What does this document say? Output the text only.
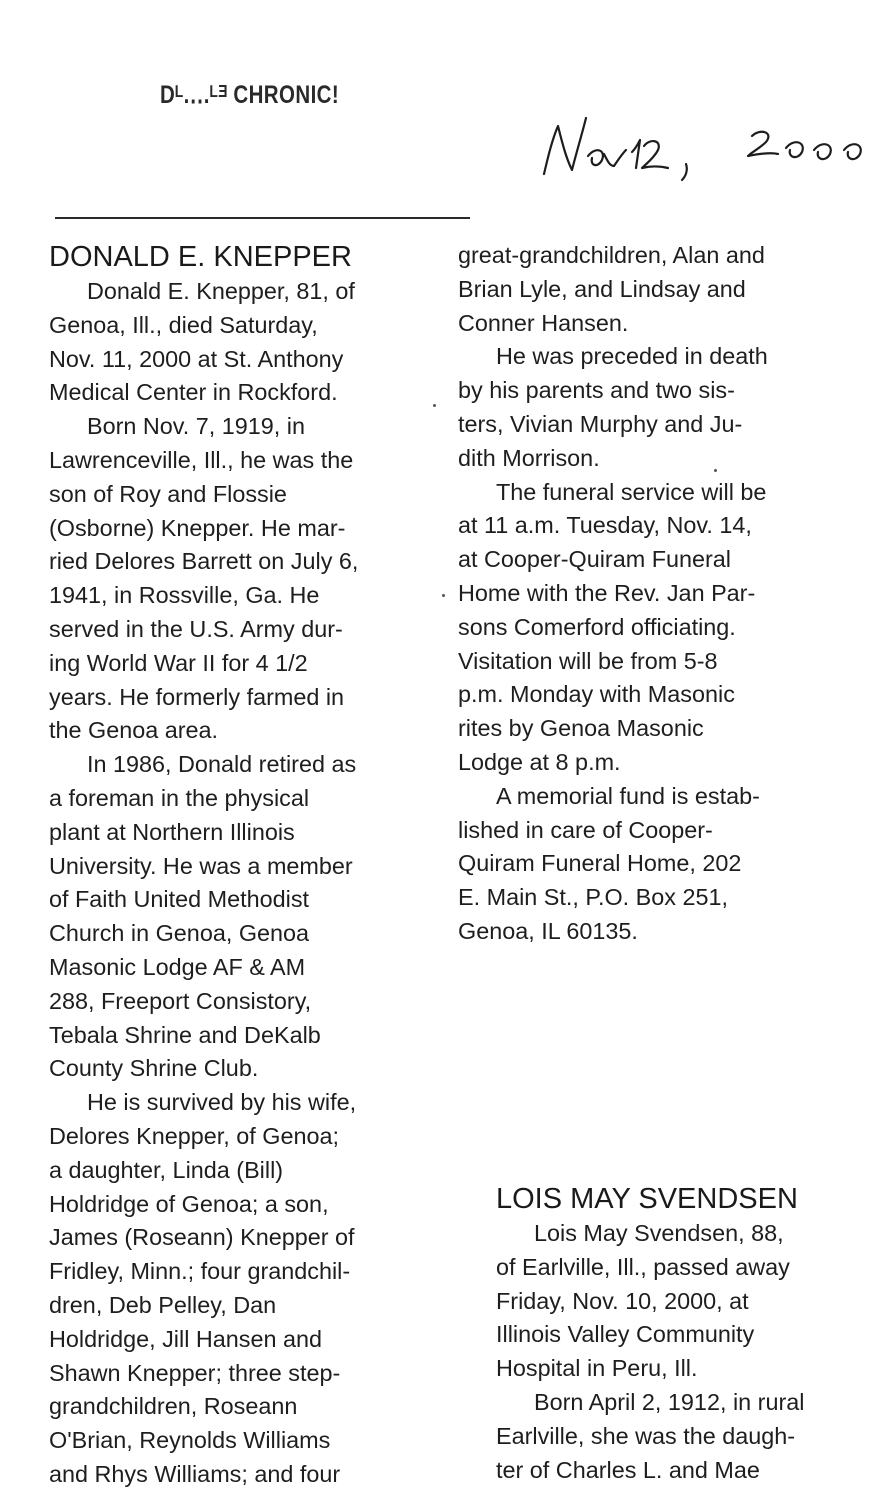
Dᴸ.‥.ᴸᴲ CHRONIC!
DONALD E. KNEPPER
Donald E. Knepper, 81, of
Genoa, Ill., died Saturday,
Nov. 11, 2000 at St. Anthony
Medical Center in Rockford.
Born Nov. 7, 1919, in
Lawrenceville, Ill., he was the
son of Roy and Flossie
(Osborne) Knepper. He mar-
ried Delores Barrett on July 6,
1941, in Rossville, Ga. He
served in the U.S. Army dur-
ing World War II for 4 1/2
years. He formerly farmed in
the Genoa area.
In 1986, Donald retired as
a foreman in the physical
plant at Northern Illinois
University. He was a member
of Faith United Methodist
Church in Genoa, Genoa
Masonic Lodge AF & AM
288, Freeport Consistory,
Tebala Shrine and DeKalb
County Shrine Club.
He is survived by his wife,
Delores Knepper, of Genoa;
a daughter, Linda (Bill)
Holdridge of Genoa; a son,
James (Roseann) Knepper of
Fridley, Minn.; four grandchil-
dren, Deb Pelley, Dan
Holdridge, Jill Hansen and
Shawn Knepper; three step-
grandchildren, Roseann
O'Brian, Reynolds Williams
and Rhys Williams; and four
great-grandchildren, Alan and
Brian Lyle, and Lindsay and
Conner Hansen.
He was preceded in death
by his parents and two sis-
ters, Vivian Murphy and Ju-
dith Morrison.
The funeral service will be
at 11 a.m. Tuesday, Nov. 14,
at Cooper-Quiram Funeral
Home with the Rev. Jan Par-
sons Comerford officiating.
Visitation will be from 5-8
p.m. Monday with Masonic
rites by Genoa Masonic
Lodge at 8 p.m.
A memorial fund is estab-
lished in care of Cooper-
Quiram Funeral Home, 202
E. Main St., P.O. Box 251,
Genoa, IL 60135.
LOIS MAY SVENDSEN
Lois May Svendsen, 88,
of Earlville, Ill., passed away
Friday, Nov. 10, 2000, at
Illinois Valley Community
Hospital in Peru, Ill.
Born April 2, 1912, in rural
Earlville, she was the daugh-
ter of Charles L. and Mae
